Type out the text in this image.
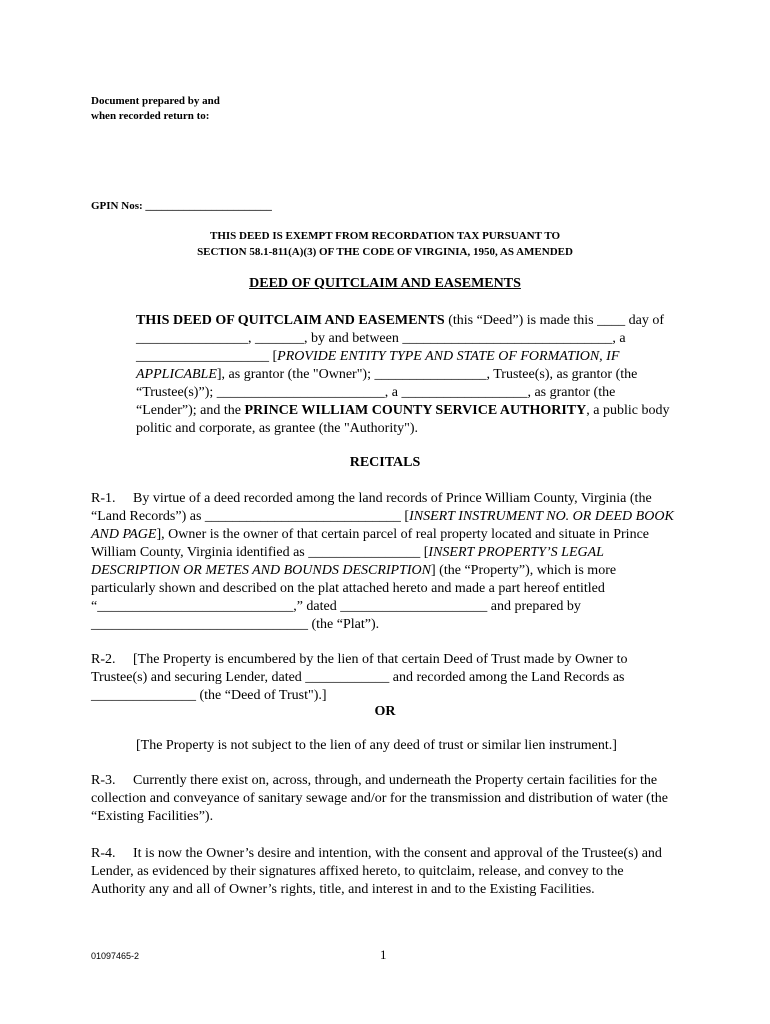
Document prepared by and
when recorded return to:
GPIN Nos: _______________________
THIS DEED IS EXEMPT FROM RECORDATION TAX PURSUANT TO
SECTION 58.1-811(A)(3) OF THE CODE OF VIRGINIA, 1950, AS AMENDED
DEED OF QUITCLAIM AND EASEMENTS

THIS DEED OF QUITCLAIM AND EASEMENTS (this “Deed”) is made this ____ day of ________________, _______, by and between ______________________________, a ___________________ [PROVIDE ENTITY TYPE AND STATE OF FORMATION, IF APPLICABLE], as grantor (the "Owner"); ________________, Trustee(s), as grantor (the “Trustee(s)”); ________________________, a __________________, as grantor (the “Lender”); and the PRINCE WILLIAM COUNTY SERVICE AUTHORITY, a public body politic and corporate, as grantee (the "Authority").

RECITALS

R-1. By virtue of a deed recorded among the land records of Prince William County, Virginia (the “Land Records”) as ____________________________ [INSERT INSTRUMENT NO. OR DEED BOOK AND PAGE], Owner is the owner of that certain parcel of real property located and situate in Prince William County, Virginia identified as ________________ [INSERT PROPERTY’S LEGAL DESCRIPTION OR METES AND BOUNDS DESCRIPTION] (the “Property”), which is more particularly shown and described on the plat attached hereto and made a part hereof entitled “____________________________,” dated _____________________ and prepared by _______________________________ (the “Plat”).

R-2. [The Property is encumbered by the lien of that certain Deed of Trust made by Owner to Trustee(s) and securing Lender, dated ____________ and recorded among the Land Records as _______________ (the “Deed of Trust").]

OR

[The Property is not subject to the lien of any deed of trust or similar lien instrument.]

R-3. Currently there exist on, across, through, and underneath the Property certain facilities for the collection and conveyance of sanitary sewage and/or for the transmission and distribution of water (the “Existing Facilities”).

R-4. It is now the Owner’s desire and intention, with the consent and approval of the Trustee(s) and Lender, as evidenced by their signatures affixed hereto, to quitclaim, release, and convey to the Authority any and all of Owner’s rights, title, and interest in and to the Existing Facilities.

01097465-2	1
